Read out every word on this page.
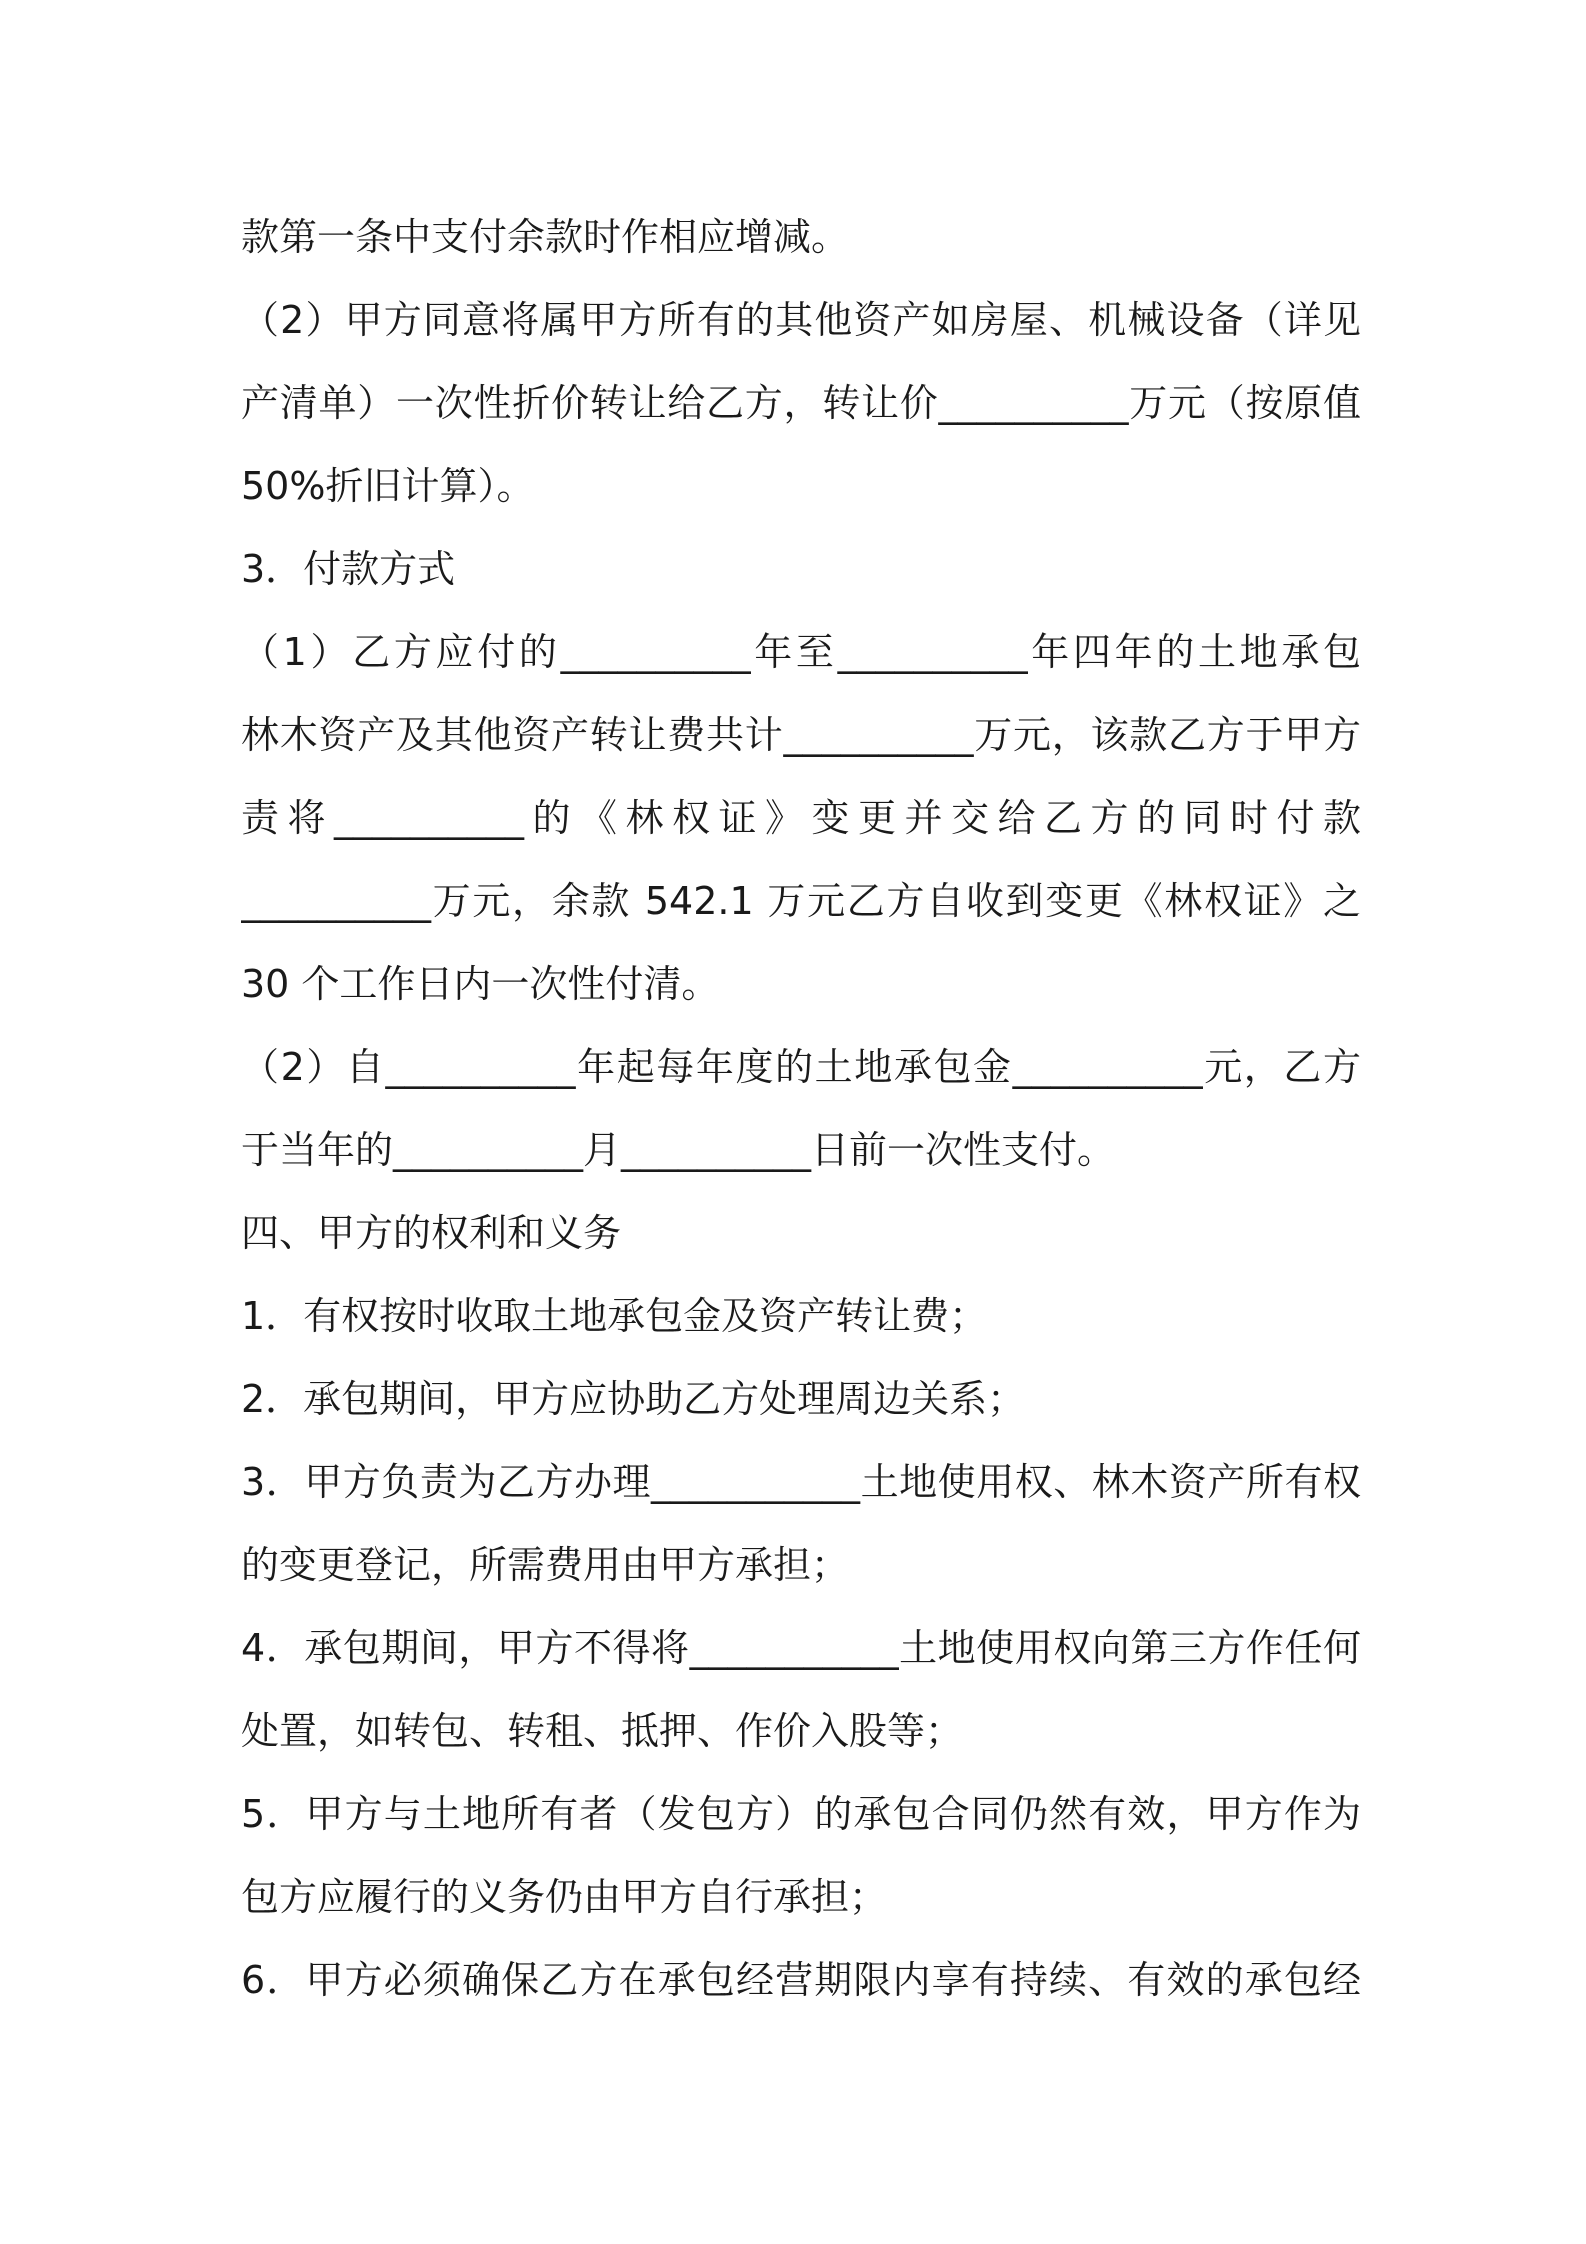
款第一条中支付余款时作相应增减。
（2）甲方同意将属甲方所有的其他资产如房屋、机械设备（详见
产清单）一次性折价转让给乙方，转让价__________万元（按原值
50%折旧计算）。
3．付款方式
（1）乙方应付的__________年至__________年四年的土地承包
林木资产及其他资产转让费共计__________万元，该款乙方于甲方
责将__________的《林权证》变更并交给乙方的同时付款
__________万元，余款 542.1 万元乙方自收到变更《林权证》之
30 个工作日内一次性付清。
（2）自__________年起每年度的土地承包金__________元，乙方
于当年的__________月__________日前一次性支付。
四、甲方的权利和义务
1．有权按时收取土地承包金及资产转让费；
2．承包期间，甲方应协助乙方处理周边关系；
3．甲方负责为乙方办理___________土地使用权、林木资产所有权
的变更登记，所需费用由甲方承担；
4．承包期间，甲方不得将___________土地使用权向第三方作任何
处置，如转包、转租、抵押、作价入股等；
5．甲方与土地所有者（发包方）的承包合同仍然有效，甲方作为
包方应履行的义务仍由甲方自行承担；
6．甲方必须确保乙方在承包经营期限内享有持续、有效的承包经
